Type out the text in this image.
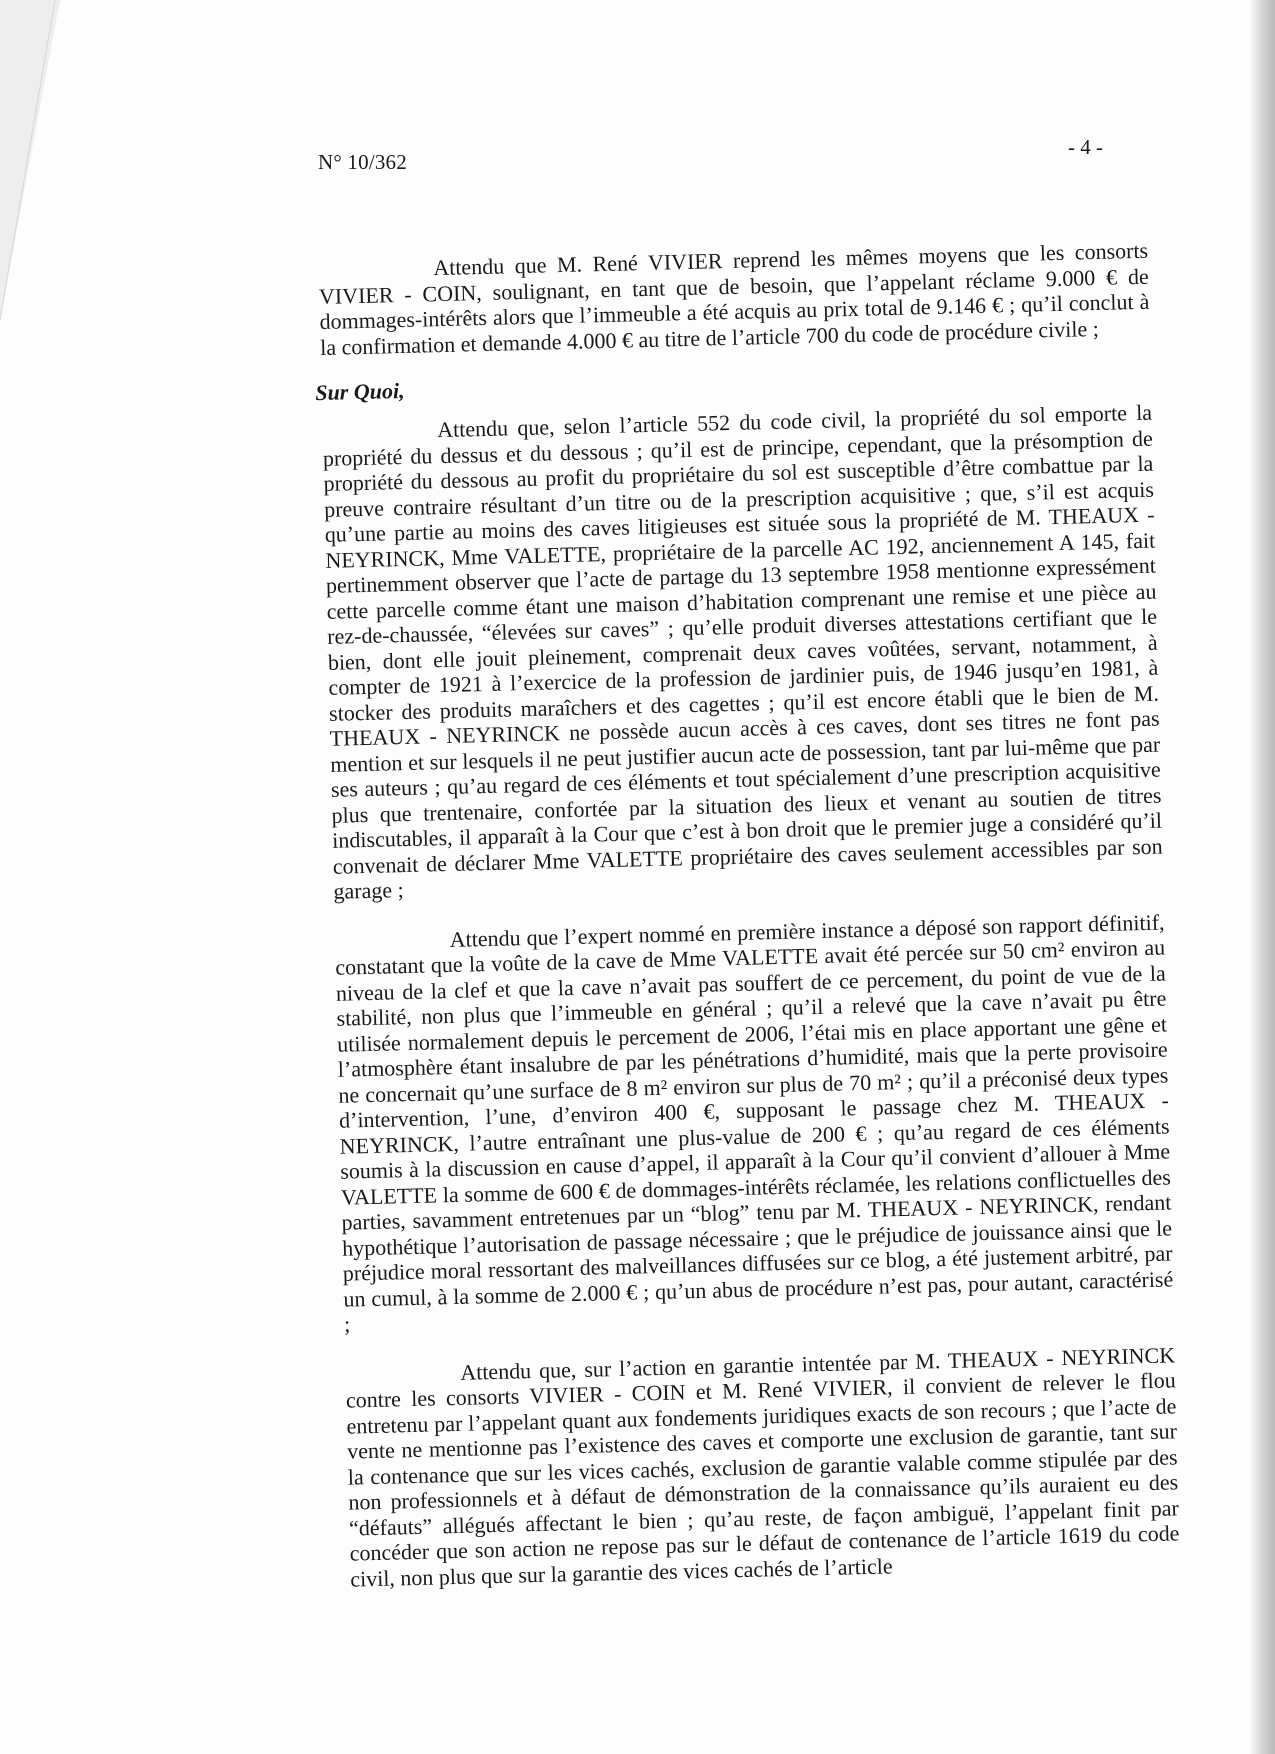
N° 10/362
- 4 -

Attendu que M. René VIVIER reprend les mêmes moyens que les consorts VIVIER - COIN, soulignant, en tant que de besoin, que l’appelant réclame 9.000 € de dommages-intérêts alors que l’immeuble a été acquis au prix total de 9.146 € ; qu’il conclut à la confirmation et demande 4.000 € au titre de l’article 700 du code de procédure civile ;

Sur Quoi,

Attendu que, selon l’article 552 du code civil, la propriété du sol emporte la propriété du dessus et du dessous ; qu’il est de principe, cependant, que la présomption de propriété du dessous au profit du propriétaire du sol est susceptible d’être combattue par la preuve contraire résultant d’un titre ou de la prescription acquisitive ; que, s’il est acquis qu’une partie au moins des caves litigieuses est située sous la propriété de M. THEAUX - NEYRINCK, Mme VALETTE, propriétaire de la parcelle AC 192, anciennement A 145, fait pertinemment observer que l’acte de partage du 13 septembre 1958 mentionne expressément cette parcelle comme étant une maison d’habitation comprenant une remise et une pièce au rez-de-chaussée, “élevées sur caves” ; qu’elle produit diverses attestations certifiant que le bien, dont elle jouit pleinement, comprenait deux caves voûtées, servant, notamment, à compter de 1921 à l’exercice de la profession de jardinier puis, de 1946 jusqu’en 1981, à stocker des produits maraîchers et des cagettes ; qu’il est encore établi que le bien de M. THEAUX - NEYRINCK ne possède aucun accès à ces caves, dont ses titres ne font pas mention et sur lesquels il ne peut justifier aucun acte de possession, tant par lui-même que par ses auteurs ; qu’au regard de ces éléments et tout spécialement d’une prescription acquisitive plus que trentenaire, confortée par la situation des lieux et venant au soutien de titres indiscutables, il apparaît à la Cour que c’est à bon droit que le premier juge a considéré qu’il convenait de déclarer Mme VALETTE propriétaire des caves seulement accessibles par son garage ;

Attendu que l’expert nommé en première instance a déposé son rapport définitif, constatant que la voûte de la cave de Mme VALETTE avait été percée sur 50 cm² environ au niveau de la clef et que la cave n’avait pas souffert de ce percement, du point de vue de la stabilité, non plus que l’immeuble en général ; qu’il a relevé que la cave n’avait pu être utilisée normalement depuis le percement de 2006, l’étai mis en place apportant une gêne et l’atmosphère étant insalubre de par les pénétrations d’humidité, mais que la perte provisoire ne concernait qu’une surface de 8 m² environ sur plus de 70 m² ; qu’il a préconisé deux types d’intervention, l’une, d’environ 400 €, supposant le passage chez M. THEAUX - NEYRINCK, l’autre entraînant une plus-value de 200 € ; qu’au regard de ces éléments soumis à la discussion en cause d’appel, il apparaît à la Cour qu’il convient d’allouer à Mme VALETTE la somme de 600 € de dommages-intérêts réclamée, les relations conflictuelles des parties, savamment entretenues par un “blog” tenu par M. THEAUX - NEYRINCK, rendant hypothétique l’autorisation de passage nécessaire ; que le préjudice de jouissance ainsi que le préjudice moral ressortant des malveillances diffusées sur ce blog, a été justement arbitré, par un cumul, à la somme de 2.000 € ; qu’un abus de procédure n’est pas, pour autant, caractérisé ;

Attendu que, sur l’action en garantie intentée par M. THEAUX - NEYRINCK contre les consorts VIVIER - COIN et M. René VIVIER, il convient de relever le flou entretenu par l’appelant quant aux fondements juridiques exacts de son recours ; que l’acte de vente ne mentionne pas l’existence des caves et comporte une exclusion de garantie, tant sur la contenance que sur les vices cachés, exclusion de garantie valable comme stipulée par des non professionnels et à défaut de démonstration de la connaissance qu’ils auraient eu des “défauts” allégués affectant le bien ; qu’au reste, de façon ambiguë, l’appelant finit par concéder que son action ne repose pas sur le défaut de contenance de l’article 1619 du code civil, non plus que sur la garantie des vices cachés de l’article
